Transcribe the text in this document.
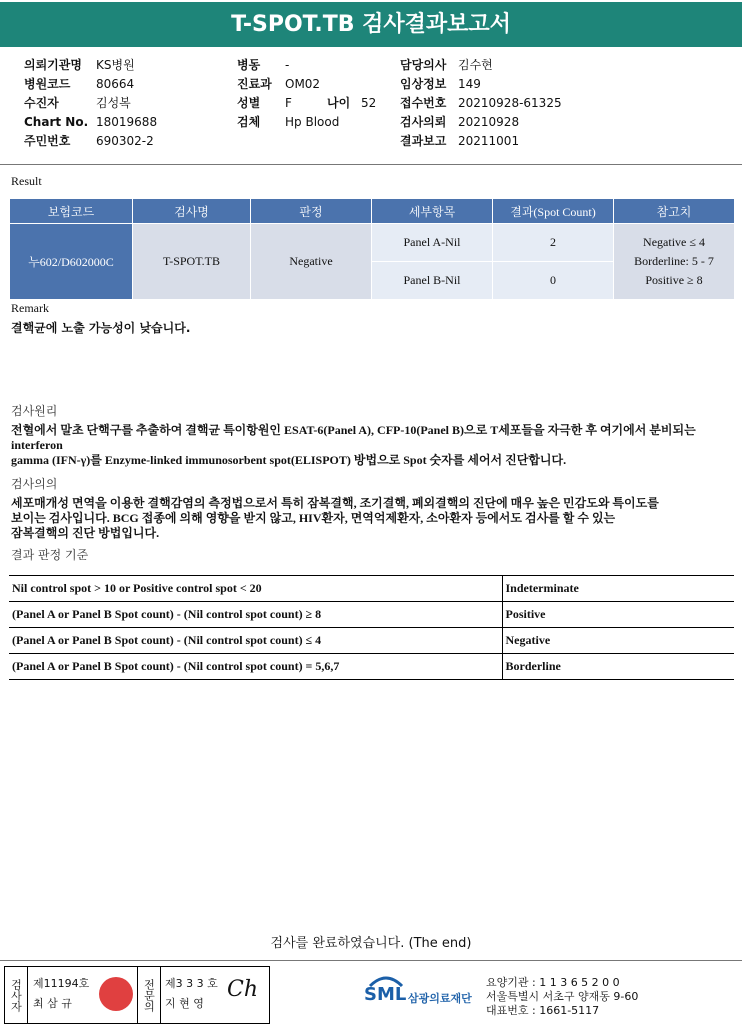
T-SPOT.TB 검사결과보고서
의뢰기관명 KS병원
병원코드 80664
수진자	김성복
Chart No. 18019688
주민번호 690302-2
병동 -
진료과 OM02
성별 F	나이 52
검체 Hp Blood
담당의사 김수현
임상정보 149
접수번호 20210928-61325
검사의뢰 20210928
결과보고 20211001
Result
보험코드	검사명	판정	세부항목	결과(Spot Count)	참고치
누602/D602000C	T-SPOT.TB	Negative	Panel A-Nil	2	Negative ≤ 4
Borderline: 5 - 7
Positive ≥ 8

			Panel B-Nil	0	
Remark
결핵균에 노출 가능성이 낮습니다.
검사원리
전혈에서 말초 단핵구를 추출하여 결핵균 특이항원인 ESAT-6(Panel A), CFP-10(Panel B)으로 T세포들을 자극한 후 여기에서 분비되는
interferon
gamma (IFN-γ)를 Enzyme-linked immunosorbent spot(ELISPOT) 방법으로 Spot 숫자를 세어서 진단합니다.
검사의의
세포매개성 면역을 이용한 결핵감염의 측정법으로서 특히 잠복결핵, 조기결핵, 폐외결핵의 진단에 매우 높은 민감도와 특이도를
보이는 검사입니다. BCG 접종에 의해 영향을 받지 않고, HIV환자, 면역억제환자, 소아환자 등에서도 검사를 할 수 있는
잠복결핵의 진단 방법입니다.
결과 판정 기준
Nil control spot > 10 or Positive control spot < 20	Indeterminate
(Panel A or Panel B Spot count) - (Nil control spot count) ≥ 8	Positive
(Panel A or Panel B Spot count) - (Nil control spot count) ≤ 4	Negative
(Panel A or Panel B Spot count) - (Nil control spot count) = 5,6,7	Borderline
검사를 완료하였습니다. (The end)
검사자 제11194호
최 삼 규	전문의 제3 3 3 호
지 현 영
Ch	SML 삼광의료재단
요양기관 : 1 1 3 6 5 2 0 0
서울특별시 서초구 양재동 9-60
대표번호 : 1661-5117
